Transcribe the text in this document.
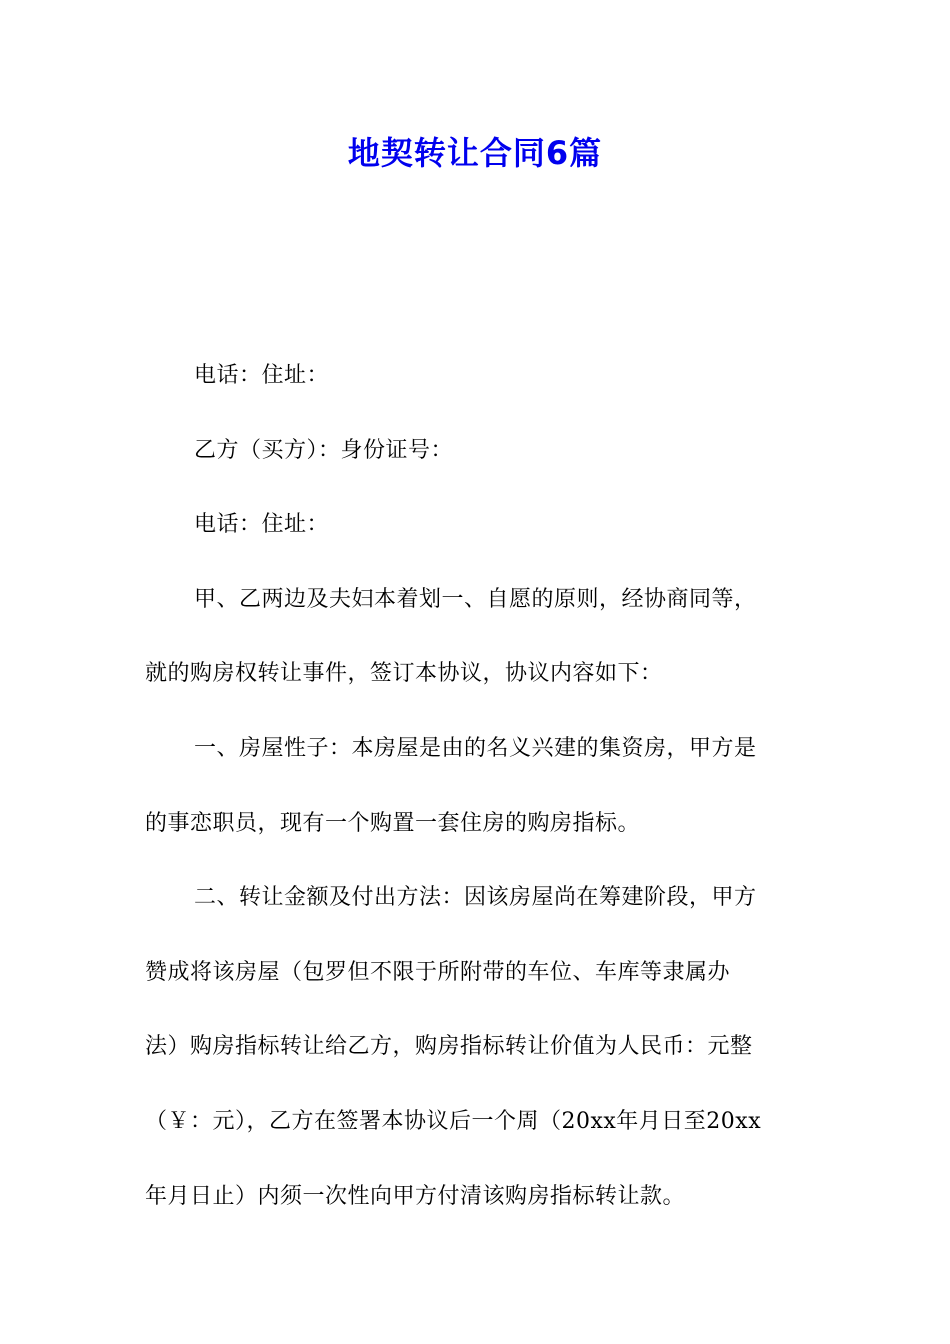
地契转让合同6篇

电话：住址：

乙方（买方）：身份证号：

电话：住址：

甲、乙两边及夫妇本着划一、自愿的原则，经协商同等，
就的购房权转让事件，签订本协议，协议内容如下：

一、房屋性子：本房屋是由的名义兴建的集资房，甲方是
的事恋职员，现有一个购置一套住房的购房指标。

二、转让金额及付出方法：因该房屋尚在筹建阶段，甲方
赞成将该房屋（包罗但不限于所附带的车位、车库等隶属办
法）购房指标转让给乙方，购房指标转让价值为人民币：元整
（￥：元），乙方在签署本协议后一个周（20xx年月日至20xx
年月日止）内须一次性向甲方付清该购房指标转让款。
